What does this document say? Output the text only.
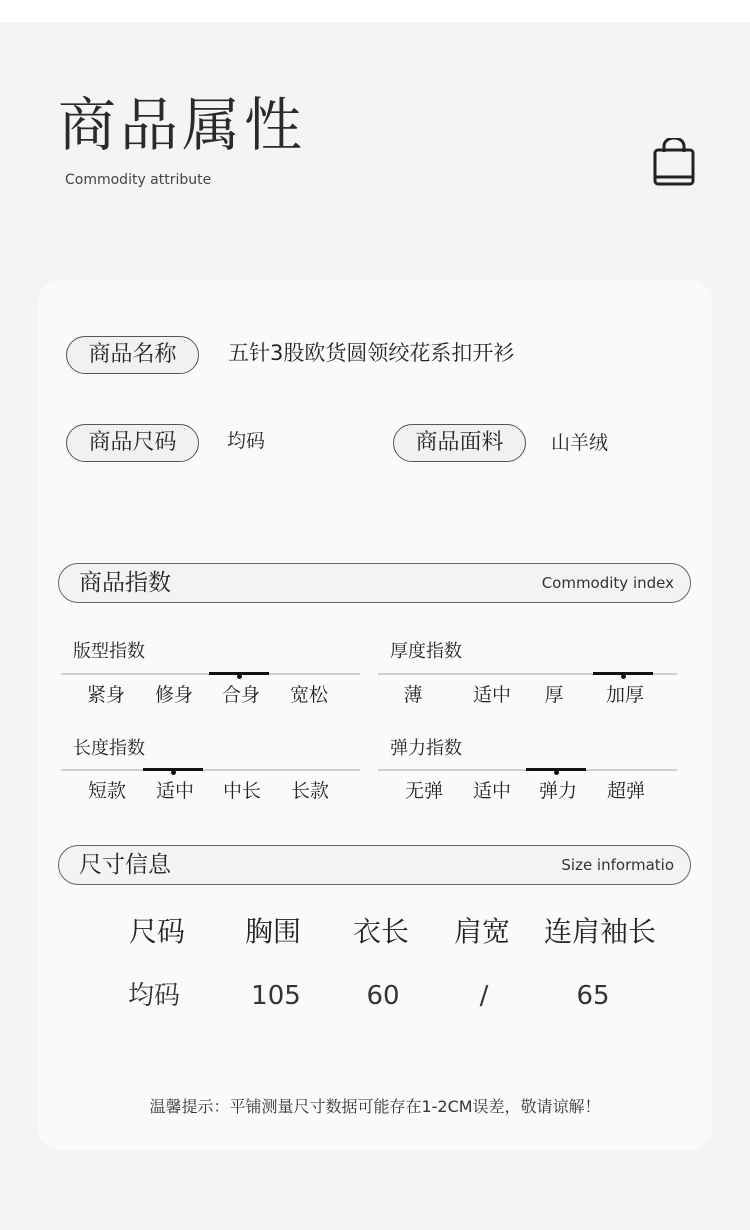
商品属性
Commodity attribute
商品名称	五针3股欧货圆领绞花系扣开衫
商品尺码	均码	商品面料	山羊绒
商品指数	Commodity index
版型指数
紧身	修身	合身	宽松
厚度指数
薄	适中	厚	加厚
长度指数
短款	适中	中长	长款
弹力指数
无弹	适中	弹力	超弹
尺寸信息	Size informatio
尺码	胸围	衣长	肩宽	连肩袖长
均码	105	60	/	65
温馨提示：平铺测量尺寸数据可能存在1-2CM误差，敬请谅解！
